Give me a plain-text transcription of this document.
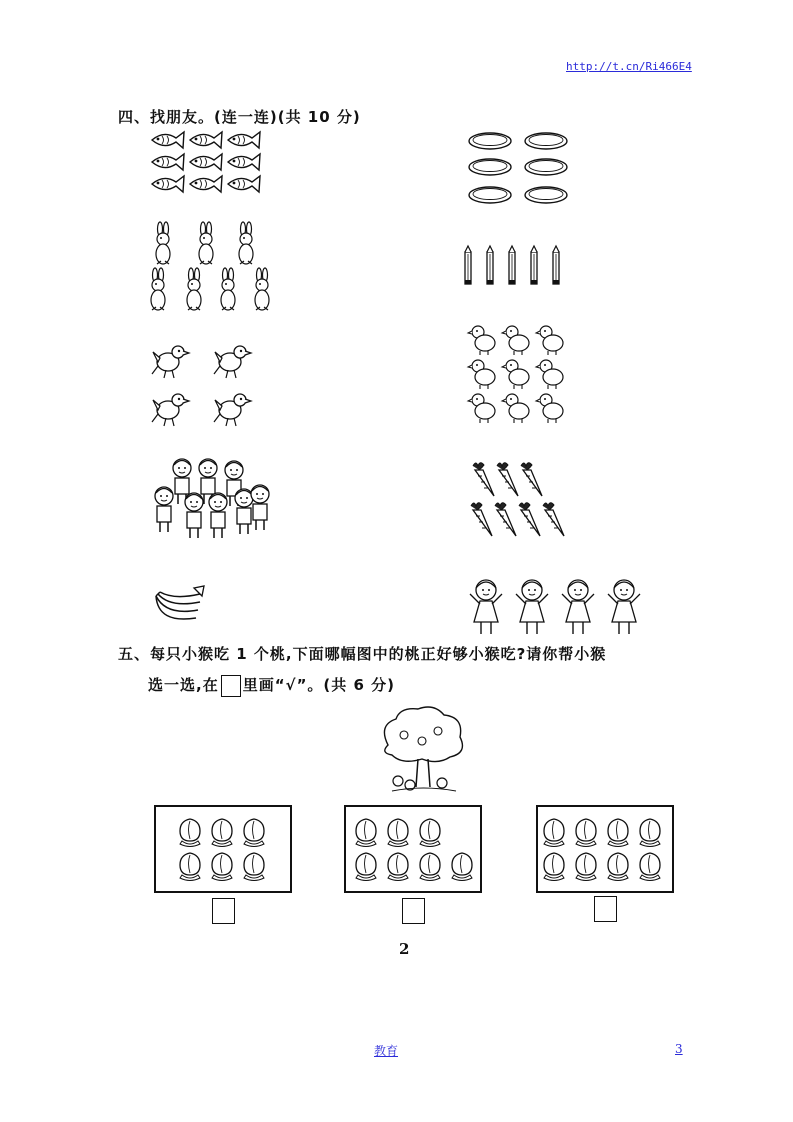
http://t.cn/Ri466E4
四、找朋友。(连一连)(共 10 分)
五、每只小猴吃 1 个桃,下面哪幅图中的桃正好够小猴吃?请你帮小猴
选一选,在 里画“√”。(共 6 分)
2
教育	3
